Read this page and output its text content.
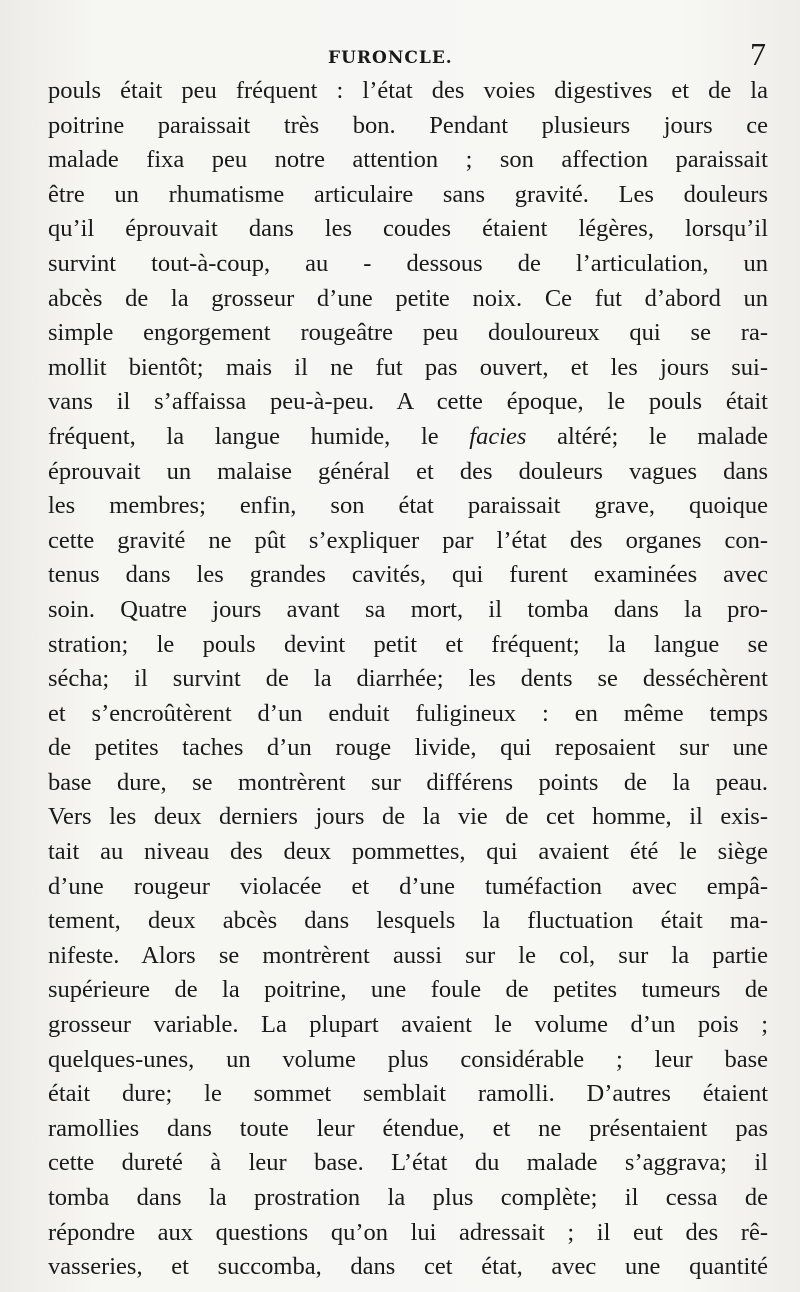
FURONCLE.	7
pouls était peu fréquent : l’état des voies digestives et de la
poitrine paraissait très bon. Pendant plusieurs jours ce
malade fixa peu notre attention ; son affection paraissait
être un rhumatisme articulaire sans gravité. Les douleurs
qu’il éprouvait dans les coudes étaient légères, lorsqu’il
survint tout-à-coup, au - dessous de l’articulation, un
abcès de la grosseur d’une petite noix. Ce fut d’abord un
simple engorgement rougeâtre peu douloureux qui se ra-
mollit bientôt; mais il ne fut pas ouvert, et les jours sui-
vans il s’affaissa peu-à-peu. A cette époque, le pouls était
fréquent, la langue humide, le facies altéré; le malade
éprouvait un malaise général et des douleurs vagues dans
les membres; enfin, son état paraissait grave, quoique
cette gravité ne pût s’expliquer par l’état des organes con-
tenus dans les grandes cavités, qui furent examinées avec
soin. Quatre jours avant sa mort, il tomba dans la pro-
stration; le pouls devint petit et fréquent; la langue se
sécha; il survint de la diarrhée; les dents se desséchèrent
et s’encroûtèrent d’un enduit fuligineux : en même temps
de petites taches d’un rouge livide, qui reposaient sur une
base dure, se montrèrent sur différens points de la peau.
Vers les deux derniers jours de la vie de cet homme, il exis-
tait au niveau des deux pommettes, qui avaient été le siège
d’une rougeur violacée et d’une tuméfaction avec empâ-
tement, deux abcès dans lesquels la fluctuation était ma-
nifeste. Alors se montrèrent aussi sur le col, sur la partie
supérieure de la poitrine, une foule de petites tumeurs de
grosseur variable. La plupart avaient le volume d’un pois ;
quelques-unes, un volume plus considérable ; leur base
était dure; le sommet semblait ramolli. D’autres étaient
ramollies dans toute leur étendue, et ne présentaient pas
cette dureté à leur base. L’état du malade s’aggrava; il
tomba dans la prostration la plus complète; il cessa de
répondre aux questions qu’on lui adressait ; il eut des rê-
vasseries, et succomba, dans cet état, avec une quantité
